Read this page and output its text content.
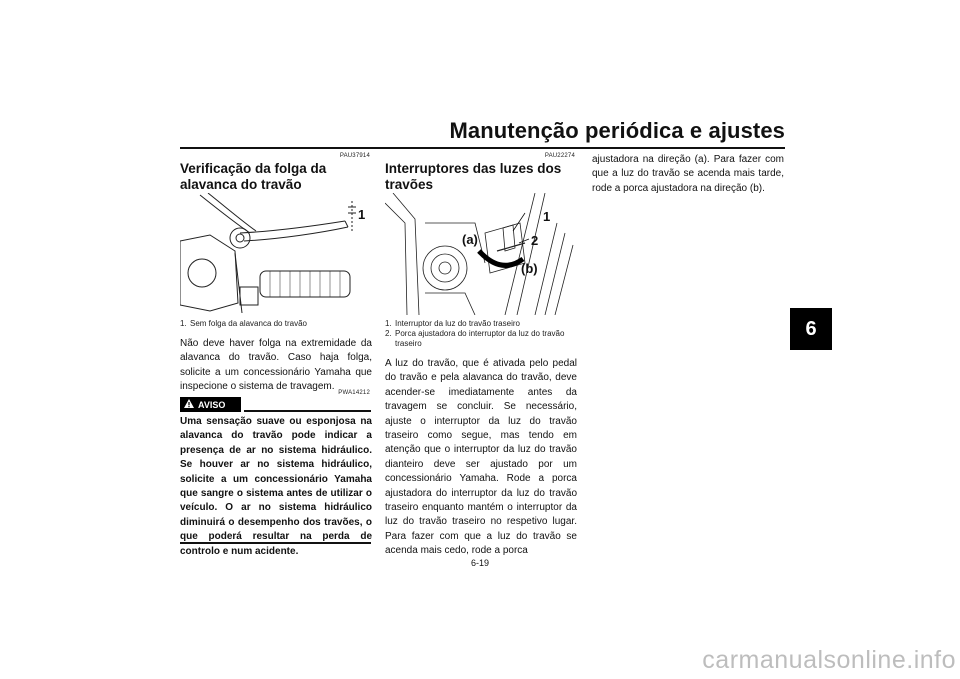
Manutenção periódica e ajustes
6
PAU37914
Verificação da folga da alavanca do travão
1
1. Sem folga da alavanca do travão
Não deve haver folga na extremidade da alavanca do travão. Caso haja folga, solicite a um concessionário Yamaha que inspecione o sistema de travagem.
AVISO
PWA14212
Uma sensação suave ou esponjosa na alavanca do travão pode indicar a presença de ar no sistema hidráulico. Se houver ar no sistema hidráulico, solicite a um concessionário Yamaha que sangre o sistema antes de utilizar o veículo. O ar no sistema hidráulico diminuirá o desempenho dos travões, o que poderá resultar na perda de controlo e num acidente.
PAU22274
Interruptores das luzes dos travões
1
2
(a)
(b)
1. Interruptor da luz do travão traseiro
2. Porca ajustadora do interruptor da luz do travão traseiro
A luz do travão, que é ativada pelo pedal do travão e pela alavanca do travão, deve acender-se imediatamente antes da travagem se concluir. Se necessário, ajuste o interruptor da luz do travão traseiro como segue, mas tendo em atenção que o interruptor da luz do travão dianteiro deve ser ajustado por um concessionário Yamaha. Rode a porca ajustadora do interruptor da luz do travão traseiro enquanto mantém o interruptor da luz do travão traseiro no respetivo lugar. Para fazer com que a luz do travão se acenda mais cedo, rode a porca
ajustadora na direção (a). Para fazer com que a luz do travão se acenda mais tarde, rode a porca ajustadora na direção (b).
6-19
carmanualsonline.info
